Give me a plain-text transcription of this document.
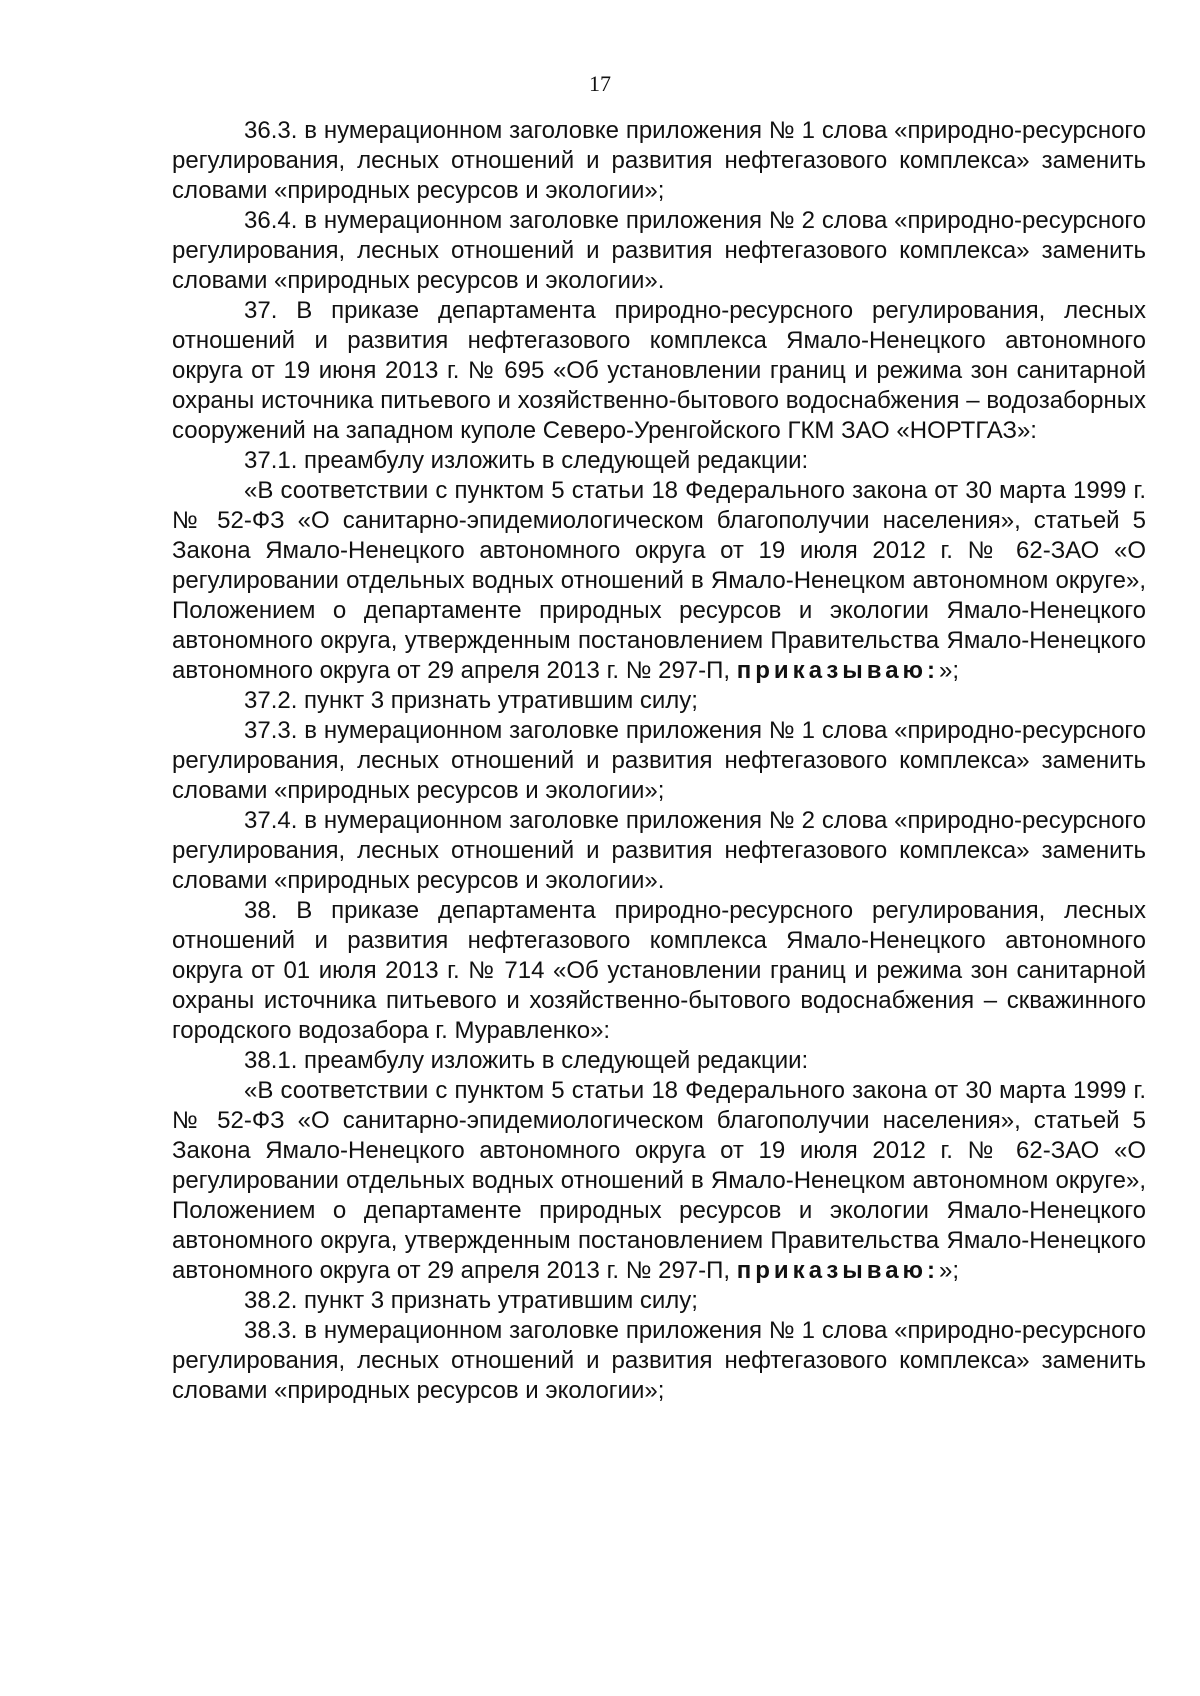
17

36.3. в нумерационном заголовке приложения № 1 слова «природно-ресурсного регулирования, лесных отношений и развития нефтегазового комплекса» заменить словами «природных ресурсов и экологии»;

36.4. в нумерационном заголовке приложения № 2 слова «природно-ресурсного регулирования, лесных отношений и развития нефтегазового комплекса» заменить словами «природных ресурсов и экологии».

37. В приказе департамента природно-ресурсного регулирования, лесных отношений и развития нефтегазового комплекса Ямало-Ненецкого автономного округа от 19 июня 2013 г. № 695 «Об установлении границ и режима зон санитарной охраны источника питьевого и хозяйственно-бытового водоснабжения – водозаборных сооружений на западном куполе Северо-Уренгойского ГКМ ЗАО «НОРТГАЗ»:

37.1. преамбулу изложить в следующей редакции:

«В соответствии с пунктом 5 статьи 18 Федерального закона от 30 марта 1999 г. № 52-ФЗ «О санитарно-эпидемиологическом благополучии населения», статьей 5 Закона Ямало-Ненецкого автономного округа от 19 июля 2012 г. № 62-ЗАО «О регулировании отдельных водных отношений в Ямало-Ненецком автономном округе», Положением о департаменте природных ресурсов и экологии Ямало-Ненецкого автономного округа, утвержденным постановлением Правительства Ямало-Ненецкого автономного округа от 29 апреля 2013 г. № 297-П, приказываю:»;

37.2. пункт 3 признать утратившим силу;

37.3. в нумерационном заголовке приложения № 1 слова «природно-ресурсного регулирования, лесных отношений и развития нефтегазового комплекса» заменить словами «природных ресурсов и экологии»;

37.4. в нумерационном заголовке приложения № 2 слова «природно-ресурсного регулирования, лесных отношений и развития нефтегазового комплекса» заменить словами «природных ресурсов и экологии».

38. В приказе департамента природно-ресурсного регулирования, лесных отношений и развития нефтегазового комплекса Ямало-Ненецкого автономного округа от 01 июля 2013 г. № 714 «Об установлении границ и режима зон санитарной охраны источника питьевого и хозяйственно-бытового водоснабжения – скважинного городского водозабора г. Муравленко»:

38.1. преамбулу изложить в следующей редакции:

«В соответствии с пунктом 5 статьи 18 Федерального закона от 30 марта 1999 г. № 52-ФЗ «О санитарно-эпидемиологическом благополучии населения», статьей 5 Закона Ямало-Ненецкого автономного округа от 19 июля 2012 г. № 62-ЗАО «О регулировании отдельных водных отношений в Ямало-Ненецком автономном округе», Положением о департаменте природных ресурсов и экологии Ямало-Ненецкого автономного округа, утвержденным постановлением Правительства Ямало-Ненецкого автономного округа от 29 апреля 2013 г. № 297-П, приказываю:»;

38.2. пункт 3 признать утратившим силу;

38.3. в нумерационном заголовке приложения № 1 слова «природно-ресурсного регулирования, лесных отношений и развития нефтегазового комплекса» заменить словами «природных ресурсов и экологии»;
